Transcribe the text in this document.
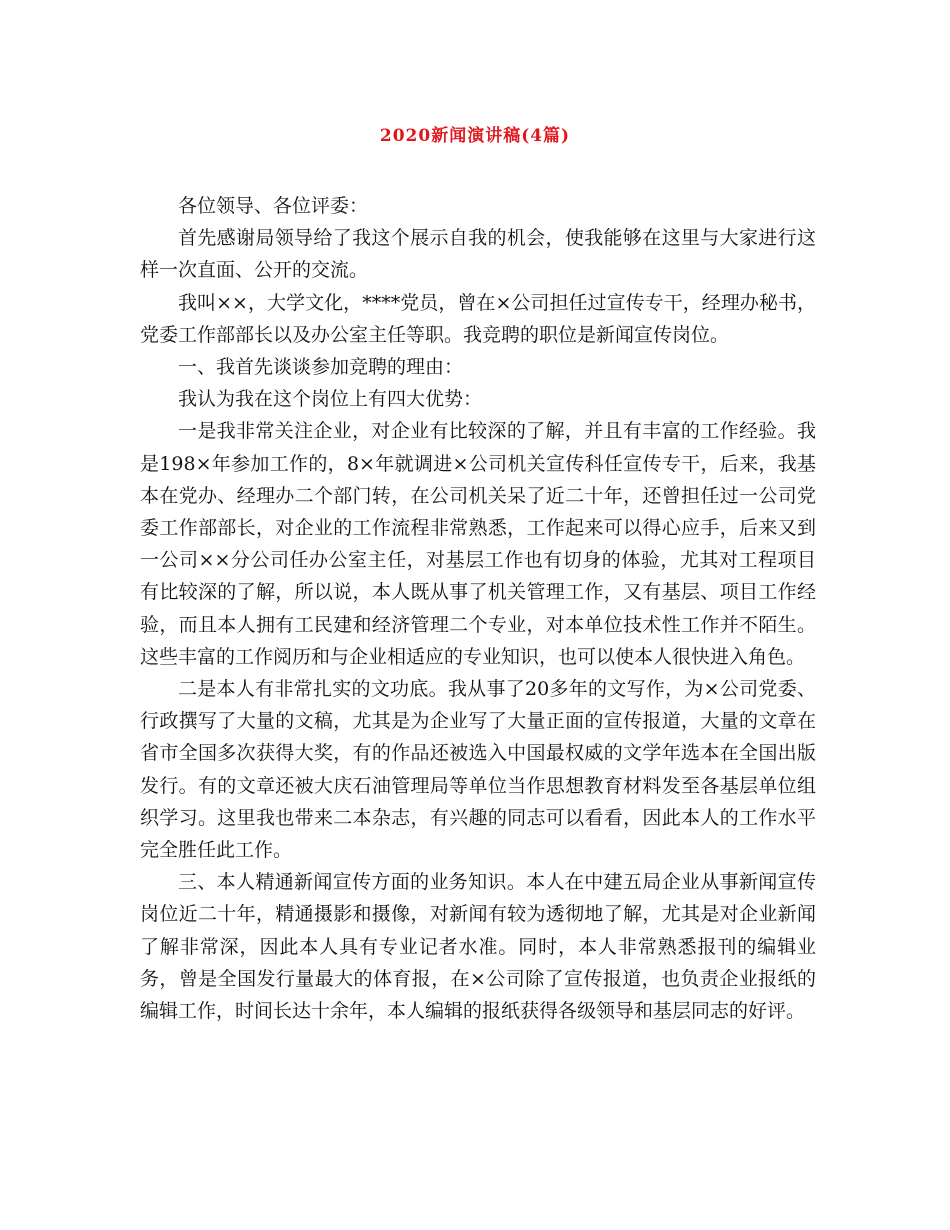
2020新闻演讲稿(4篇)

各位领导、各位评委：

首先感谢局领导给了我这个展示自我的机会，使我能够在这里与大家进行这样一次直面、公开的交流。

我叫××，大学文化，****党员，曾在×公司担任过宣传专干，经理办秘书，党委工作部部长以及办公室主任等职。我竞聘的职位是新闻宣传岗位。

一、我首先谈谈参加竞聘的理由：

我认为我在这个岗位上有四大优势：

一是我非常关注企业，对企业有比较深的了解，并且有丰富的工作经验。我是198×年参加工作的，8×年就调进×公司机关宣传科任宣传专干，后来，我基本在党办、经理办二个部门转，在公司机关呆了近二十年，还曾担任过一公司党委工作部部长，对企业的工作流程非常熟悉，工作起来可以得心应手，后来又到一公司××分公司任办公室主任，对基层工作也有切身的体验，尤其对工程项目有比较深的了解，所以说，本人既从事了机关管理工作，又有基层、项目工作经验，而且本人拥有工民建和经济管理二个专业，对本单位技术性工作并不陌生。这些丰富的工作阅历和与企业相适应的专业知识，也可以使本人很快进入角色。

二是本人有非常扎实的文功底。我从事了20多年的文写作，为×公司党委、行政撰写了大量的文稿，尤其是为企业写了大量正面的宣传报道，大量的文章在省市全国多次获得大奖，有的作品还被选入中国最权威的文学年选本在全国出版发行。有的文章还被大庆石油管理局等单位当作思想教育材料发至各基层单位组织学习。这里我也带来二本杂志，有兴趣的同志可以看看，因此本人的工作水平完全胜任此工作。

三、本人精通新闻宣传方面的业务知识。本人在中建五局企业从事新闻宣传岗位近二十年，精通摄影和摄像，对新闻有较为透彻地了解，尤其是对企业新闻了解非常深，因此本人具有专业记者水准。同时，本人非常熟悉报刊的编辑业务，曾是全国发行量最大的体育报，在×公司除了宣传报道，也负责企业报纸的编辑工作，时间长达十余年，本人编辑的报纸获得各级领导和基层同志的好评。
